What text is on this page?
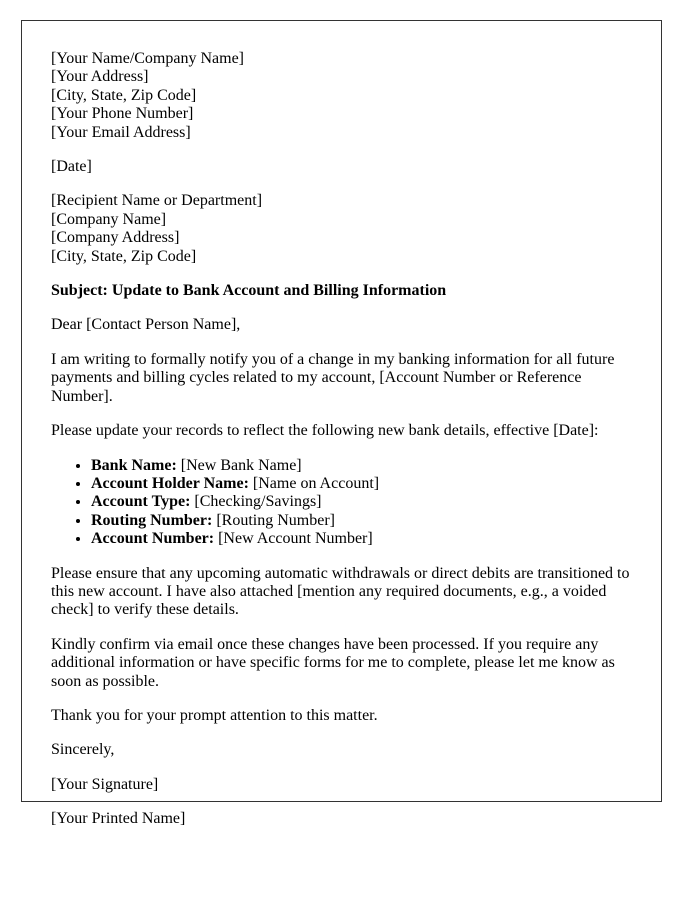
[Your Name/Company Name]
[Your Address]
[City, State, Zip Code]
[Your Phone Number]
[Your Email Address]

[Date]

[Recipient Name or Department]
[Company Name]
[Company Address]
[City, State, Zip Code]

Subject: Update to Bank Account and Billing Information

Dear [Contact Person Name],

I am writing to formally notify you of a change in my banking information for all future payments and billing cycles related to my account, [Account Number or Reference Number].

Please update your records to reflect the following new bank details, effective [Date]:

• Bank Name: [New Bank Name]
• Account Holder Name: [Name on Account]
• Account Type: [Checking/Savings]
• Routing Number: [Routing Number]
• Account Number: [New Account Number]

Please ensure that any upcoming automatic withdrawals or direct debits are transitioned to this new account. I have also attached [mention any required documents, e.g., a voided check] to verify these details.

Kindly confirm via email once these changes have been processed. If you require any additional information or have specific forms for me to complete, please let me know as soon as possible.

Thank you for your prompt attention to this matter.

Sincerely,

[Your Signature]

[Your Printed Name]
